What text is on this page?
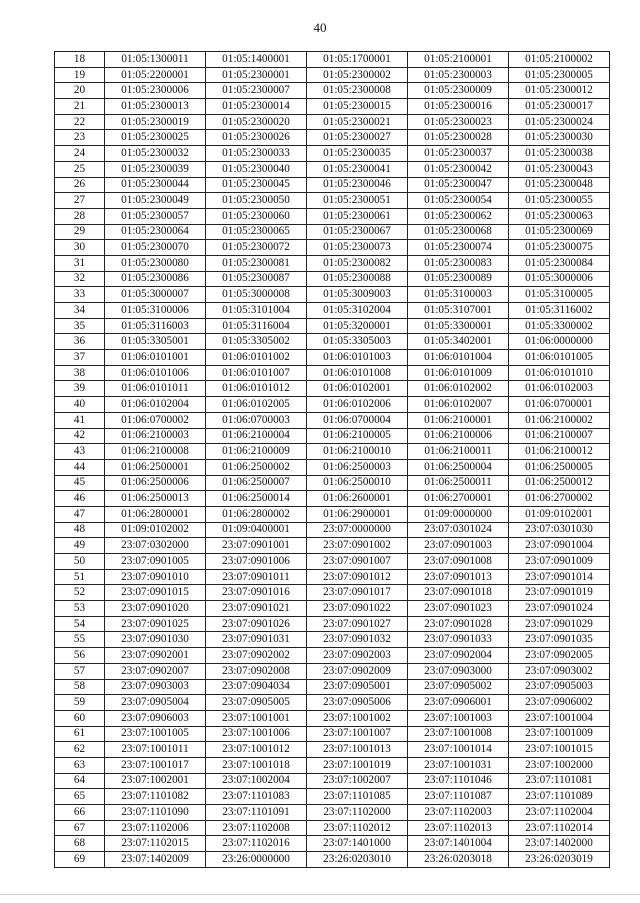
40
18	01:05:1300011	01:05:1400001	01:05:1700001	01:05:2100001	01:05:2100002
19	01:05:2200001	01:05:2300001	01:05:2300002	01:05:2300003	01:05:2300005
20	01:05:2300006	01:05:2300007	01:05:2300008	01:05:2300009	01:05:2300012
21	01:05:2300013	01:05:2300014	01:05:2300015	01:05:2300016	01:05:2300017
22	01:05:2300019	01:05:2300020	01:05:2300021	01:05:2300023	01:05:2300024
23	01:05:2300025	01:05:2300026	01:05:2300027	01:05:2300028	01:05:2300030
24	01:05:2300032	01:05:2300033	01:05:2300035	01:05:2300037	01:05:2300038
25	01:05:2300039	01:05:2300040	01:05:2300041	01:05:2300042	01:05:2300043
26	01:05:2300044	01:05:2300045	01:05:2300046	01:05:2300047	01:05:2300048
27	01:05:2300049	01:05:2300050	01:05:2300051	01:05:2300054	01:05:2300055
28	01:05:2300057	01:05:2300060	01:05:2300061	01:05:2300062	01:05:2300063
29	01:05:2300064	01:05:2300065	01:05:2300067	01:05:2300068	01:05:2300069
30	01:05:2300070	01:05:2300072	01:05:2300073	01:05:2300074	01:05:2300075
31	01:05:2300080	01:05:2300081	01:05:2300082	01:05:2300083	01:05:2300084
32	01:05:2300086	01:05:2300087	01:05:2300088	01:05:2300089	01:05:3000006
33	01:05:3000007	01:05:3000008	01:05:3009003	01:05:3100003	01:05:3100005
34	01:05:3100006	01:05:3101004	01:05:3102004	01:05:3107001	01:05:3116002
35	01:05:3116003	01:05:3116004	01:05:3200001	01:05:3300001	01:05:3300002
36	01:05:3305001	01:05:3305002	01:05:3305003	01:05:3402001	01:06:0000000
37	01:06:0101001	01:06:0101002	01:06:0101003	01:06:0101004	01:06:0101005
38	01:06:0101006	01:06:0101007	01:06:0101008	01:06:0101009	01:06:0101010
39	01:06:0101011	01:06:0101012	01:06:0102001	01:06:0102002	01:06:0102003
40	01:06:0102004	01:06:0102005	01:06:0102006	01:06:0102007	01:06:0700001
41	01:06:0700002	01:06:0700003	01:06:0700004	01:06:2100001	01:06:2100002
42	01:06:2100003	01:06:2100004	01:06:2100005	01:06:2100006	01:06:2100007
43	01:06:2100008	01:06:2100009	01:06:2100010	01:06:2100011	01:06:2100012
44	01:06:2500001	01:06:2500002	01:06:2500003	01:06:2500004	01:06:2500005
45	01:06:2500006	01:06:2500007	01:06:2500010	01:06:2500011	01:06:2500012
46	01:06:2500013	01:06:2500014	01:06:2600001	01:06:2700001	01:06:2700002
47	01:06:2800001	01:06:2800002	01:06:2900001	01:09:0000000	01:09:0102001
48	01:09:0102002	01:09:0400001	23:07:0000000	23:07:0301024	23:07:0301030
49	23:07:0302000	23:07:0901001	23:07:0901002	23:07:0901003	23:07:0901004
50	23:07:0901005	23:07:0901006	23:07:0901007	23:07:0901008	23:07:0901009
51	23:07:0901010	23:07:0901011	23:07:0901012	23:07:0901013	23:07:0901014
52	23:07:0901015	23:07:0901016	23:07:0901017	23:07:0901018	23:07:0901019
53	23:07:0901020	23:07:0901021	23:07:0901022	23:07:0901023	23:07:0901024
54	23:07:0901025	23:07:0901026	23:07:0901027	23:07:0901028	23:07:0901029
55	23:07:0901030	23:07:0901031	23:07:0901032	23:07:0901033	23:07:0901035
56	23:07:0902001	23:07:0902002	23:07:0902003	23:07:0902004	23:07:0902005
57	23:07:0902007	23:07:0902008	23:07:0902009	23:07:0903000	23:07:0903002
58	23:07:0903003	23:07:0904034	23:07:0905001	23:07:0905002	23:07:0905003
59	23:07:0905004	23:07:0905005	23:07:0905006	23:07:0906001	23:07:0906002
60	23:07:0906003	23:07:1001001	23:07:1001002	23:07:1001003	23:07:1001004
61	23:07:1001005	23:07:1001006	23:07:1001007	23:07:1001008	23:07:1001009
62	23:07:1001011	23:07:1001012	23:07:1001013	23:07:1001014	23:07:1001015
63	23:07:1001017	23:07:1001018	23:07:1001019	23:07:1001031	23:07:1002000
64	23:07:1002001	23:07:1002004	23:07:1002007	23:07:1101046	23:07:1101081
65	23:07:1101082	23:07:1101083	23:07:1101085	23:07:1101087	23:07:1101089
66	23:07:1101090	23:07:1101091	23:07:1102000	23:07:1102003	23:07:1102004
67	23:07:1102006	23:07:1102008	23:07:1102012	23:07:1102013	23:07:1102014
68	23:07:1102015	23:07:1102016	23:07:1401000	23:07:1401004	23:07:1402000
69	23:07:1402009	23:26:0000000	23:26:0203010	23:26:0203018	23:26:0203019
